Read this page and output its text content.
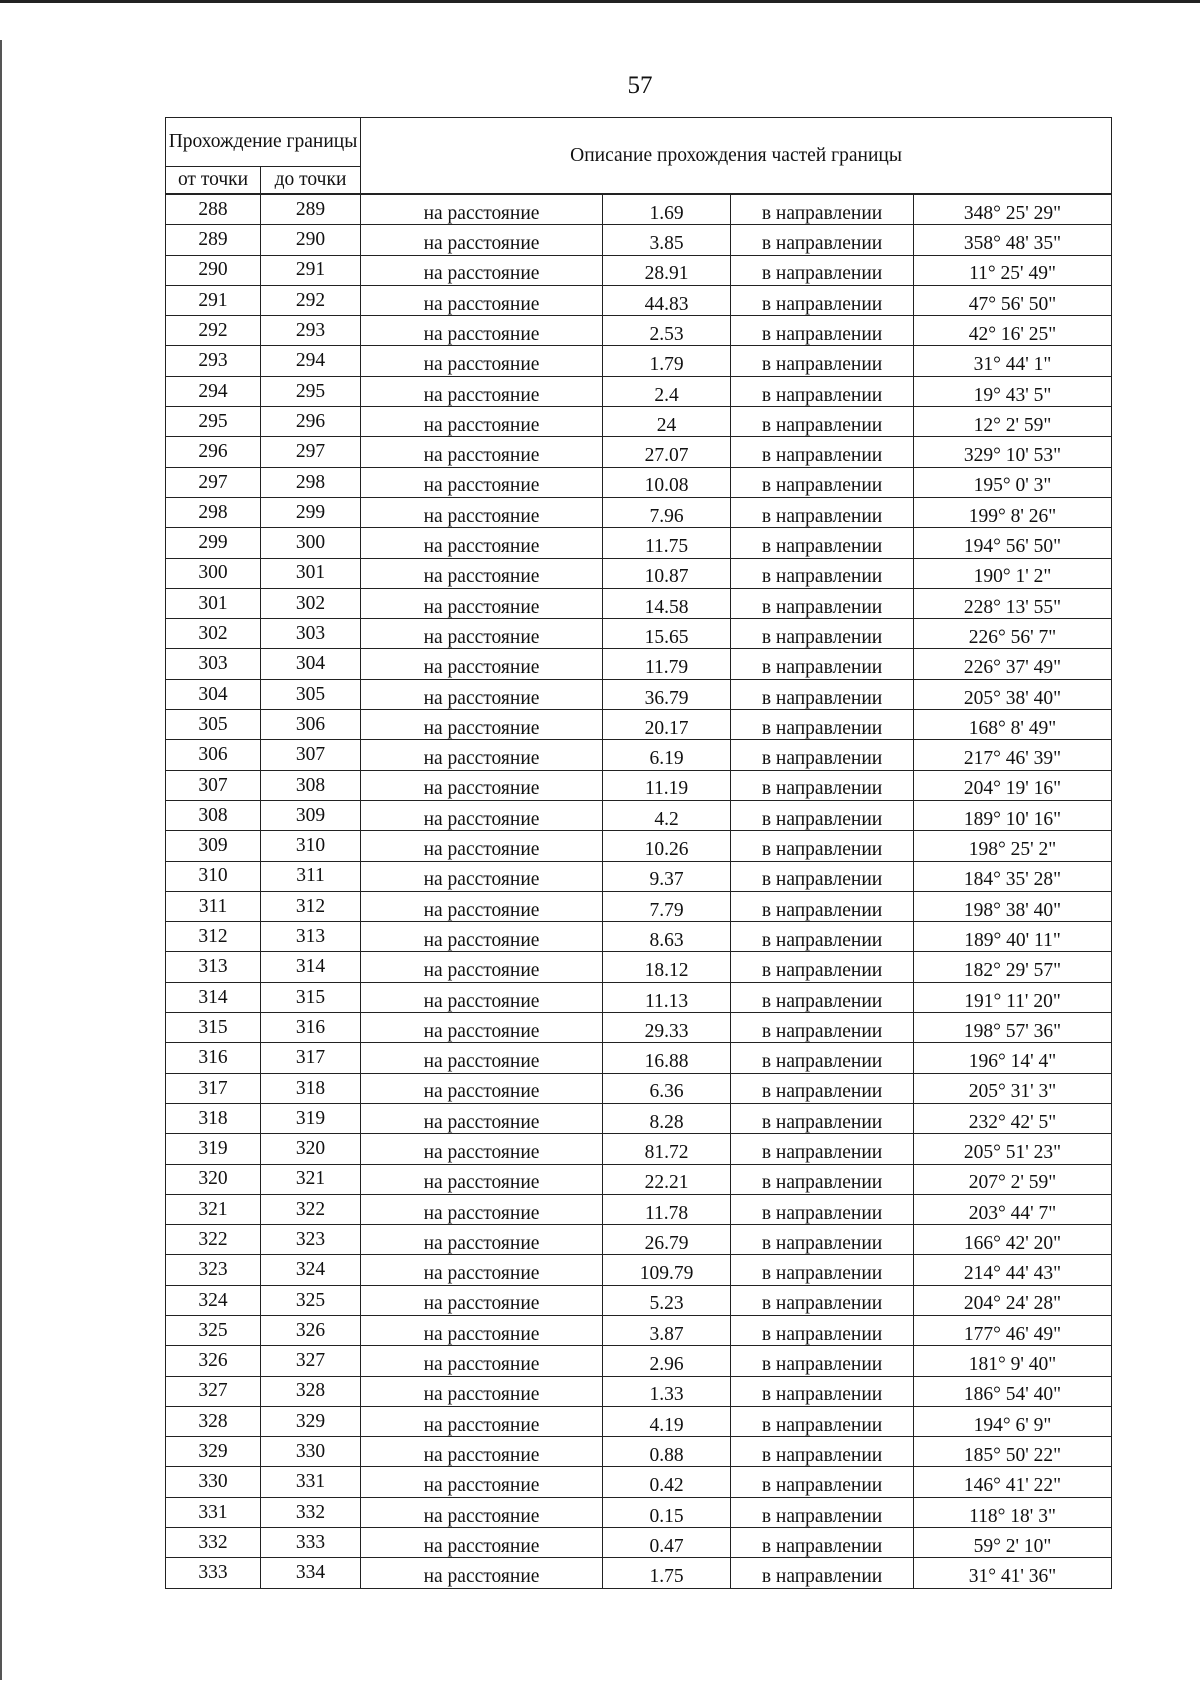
57
Прохождение границы		Описание прохождения частей границы			
от точки	до точки				
288	289	на расстояние	1.69	в направлении	348° 25' 29"
289	290	на расстояние	3.85	в направлении	358° 48' 35"
290	291	на расстояние	28.91	в направлении	11° 25' 49"
291	292	на расстояние	44.83	в направлении	47° 56' 50"
292	293	на расстояние	2.53	в направлении	42° 16' 25"
293	294	на расстояние	1.79	в направлении	31° 44' 1"
294	295	на расстояние	2.4	в направлении	19° 43' 5"
295	296	на расстояние	24	в направлении	12° 2' 59"
296	297	на расстояние	27.07	в направлении	329° 10' 53"
297	298	на расстояние	10.08	в направлении	195° 0' 3"
298	299	на расстояние	7.96	в направлении	199° 8' 26"
299	300	на расстояние	11.75	в направлении	194° 56' 50"
300	301	на расстояние	10.87	в направлении	190° 1' 2"
301	302	на расстояние	14.58	в направлении	228° 13' 55"
302	303	на расстояние	15.65	в направлении	226° 56' 7"
303	304	на расстояние	11.79	в направлении	226° 37' 49"
304	305	на расстояние	36.79	в направлении	205° 38' 40"
305	306	на расстояние	20.17	в направлении	168° 8' 49"
306	307	на расстояние	6.19	в направлении	217° 46' 39"
307	308	на расстояние	11.19	в направлении	204° 19' 16"
308	309	на расстояние	4.2	в направлении	189° 10' 16"
309	310	на расстояние	10.26	в направлении	198° 25' 2"
310	311	на расстояние	9.37	в направлении	184° 35' 28"
311	312	на расстояние	7.79	в направлении	198° 38' 40"
312	313	на расстояние	8.63	в направлении	189° 40' 11"
313	314	на расстояние	18.12	в направлении	182° 29' 57"
314	315	на расстояние	11.13	в направлении	191° 11' 20"
315	316	на расстояние	29.33	в направлении	198° 57' 36"
316	317	на расстояние	16.88	в направлении	196° 14' 4"
317	318	на расстояние	6.36	в направлении	205° 31' 3"
318	319	на расстояние	8.28	в направлении	232° 42' 5"
319	320	на расстояние	81.72	в направлении	205° 51' 23"
320	321	на расстояние	22.21	в направлении	207° 2' 59"
321	322	на расстояние	11.78	в направлении	203° 44' 7"
322	323	на расстояние	26.79	в направлении	166° 42' 20"
323	324	на расстояние	109.79	в направлении	214° 44' 43"
324	325	на расстояние	5.23	в направлении	204° 24' 28"
325	326	на расстояние	3.87	в направлении	177° 46' 49"
326	327	на расстояние	2.96	в направлении	181° 9' 40"
327	328	на расстояние	1.33	в направлении	186° 54' 40"
328	329	на расстояние	4.19	в направлении	194° 6' 9"
329	330	на расстояние	0.88	в направлении	185° 50' 22"
330	331	на расстояние	0.42	в направлении	146° 41' 22"
331	332	на расстояние	0.15	в направлении	118° 18' 3"
332	333	на расстояние	0.47	в направлении	59° 2' 10"
333	334	на расстояние	1.75	в направлении	31° 41' 36"
